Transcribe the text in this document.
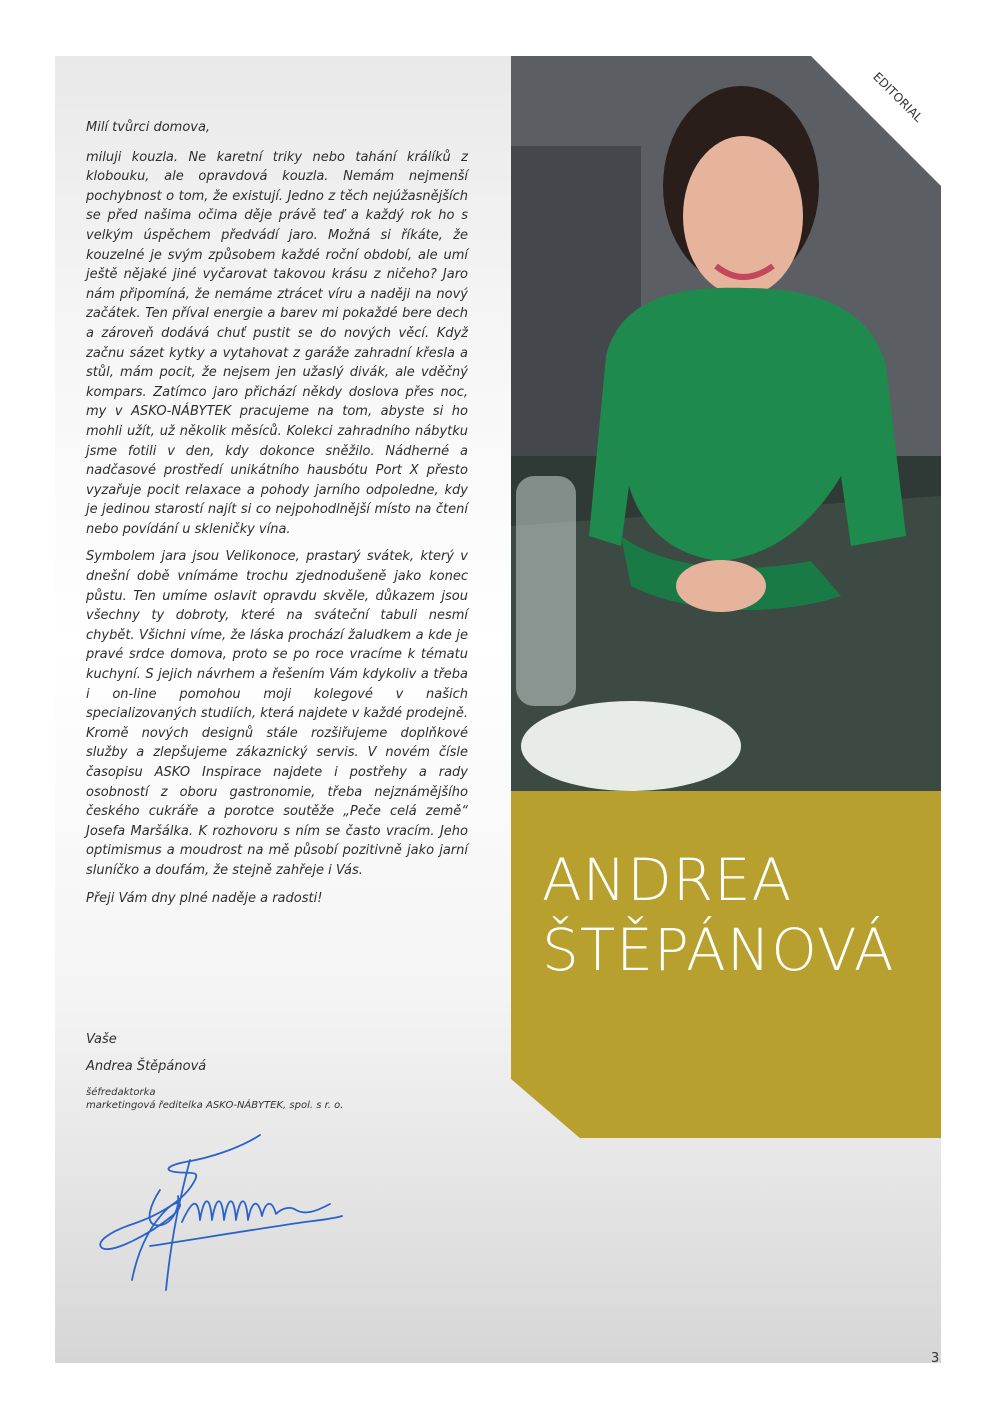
Milí tvůrci domova,

miluji kouzla. Ne karetní triky nebo tahání králíků z klobouku, ale opravdová kouzla. Nemám nejmenší pochybnost o tom, že existují. Jedno z těch nejúžasnějších se před našima očima děje právě teď a každý rok ho s velkým úspěchem předvádí jaro. Možná si říkáte, že kouzelné je svým způsobem každé roční období, ale umí ještě nějaké jiné vyčarovat takovou krásu z ničeho? Jaro nám připomíná, že nemáme ztrácet víru a naději na nový začátek. Ten příval energie a barev mi pokaždé bere dech a zároveň dodává chuť pustit se do nových věcí. Když začnu sázet kytky a vytahovat z garáže zahradní křesla a stůl, mám pocit, že nejsem jen užaslý divák, ale vděčný kompars. Zatímco jaro přichází někdy doslova přes noc, my v ASKO-NÁBYTEK pracujeme na tom, abyste si ho mohli užít, už několik měsíců. Kolekci zahradního nábytku jsme fotili v den, kdy dokonce sněžilo. Nádherné a nadčasové prostředí unikátního hausbótu Port X přesto vyzařuje pocit relaxace a pohody jarního odpoledne, kdy je jedinou starostí najít si co nejpohodlnější místo na čtení nebo povídání u skleničky vína.

Symbolem jara jsou Velikonoce, prastarý svátek, který v dnešní době vnímáme trochu zjednodušeně jako konec půstu. Ten umíme oslavit opravdu skvěle, důkazem jsou všechny ty dobroty, které na sváteční tabuli nesmí chybět. Všichni víme, že láska prochází žaludkem a kde je pravé srdce domova, proto se po roce vracíme k tématu kuchyní. S jejich návrhem a řešením Vám kdykoliv a třeba i on-line pomohou moji kolegové v našich specializovaných studiích, která najdete v každé prodejně. Kromě nových designů stále rozšiřujeme doplňkové služby a zlepšujeme zákaznický servis. V novém čísle časopisu ASKO Inspirace najdete i postřehy a rady osobností z oboru gastronomie, třeba nejznámějšího českého cukráře a porotce soutěže „Peče celá země“ Josefa Maršálka. K rozhovoru s ním se často vracím. Jeho optimismus a moudrost na mě působí pozitivně jako jarní sluníčko a doufám, že stejně zahřeje i Vás.

Přeji Vám dny plné naděje a radosti!

Vaše
Andrea Štěpánová
šéfredaktorka
marketingová ředitelka ASKO-NÁBYTEK, spol. s r. o.
EDITORIAL
ANDREA
ŠTĚPÁNOVÁ
3
